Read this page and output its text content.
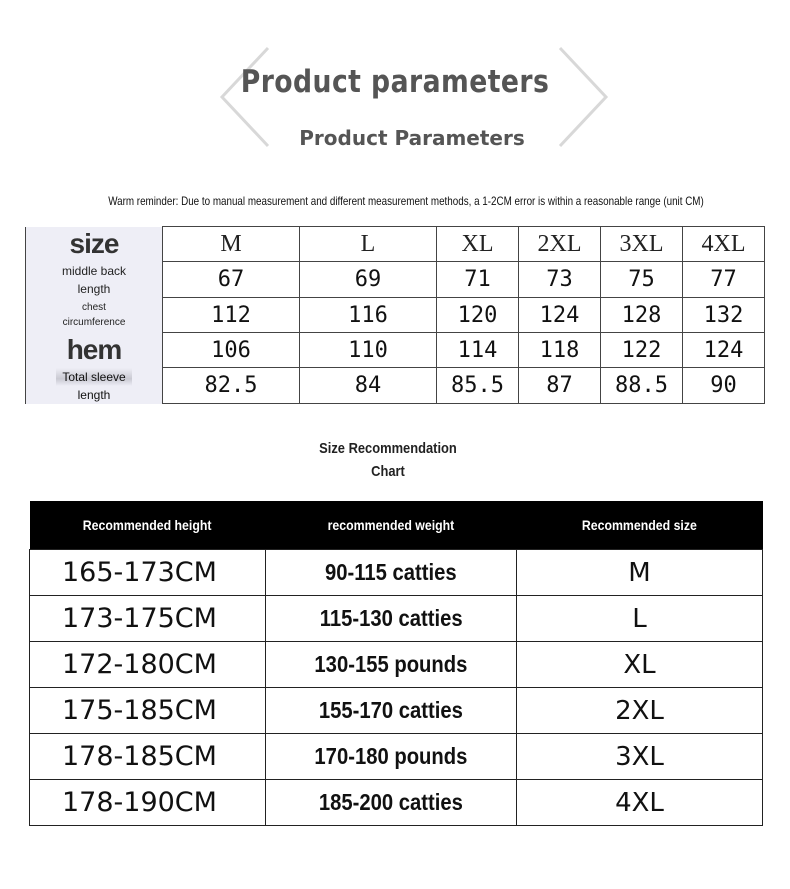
Product parameters
Product Parameters
Warm reminder: Due to manual measurement and different measurement methods, a 1-2CM error is within a reasonable range (unit CM)
size	M	L	XL	2XL	3XL	4XL
middle back
length	67	69	71	73	75	77
chest
circumference	112	116	120	124	128	132
hem	106	110	114	118	122	124
Total sleeve
length	82.5	84	85.5	87	88.5	90
Size Recommendation
Chart
Recommended height	recommended weight	Recommended size
165-173CM	90-115 catties	M
173-175CM	115-130 catties	L
172-180CM	130-155 pounds	XL
175-185CM	155-170 catties	2XL
178-185CM	170-180 pounds	3XL
178-190CM	185-200 catties	4XL
